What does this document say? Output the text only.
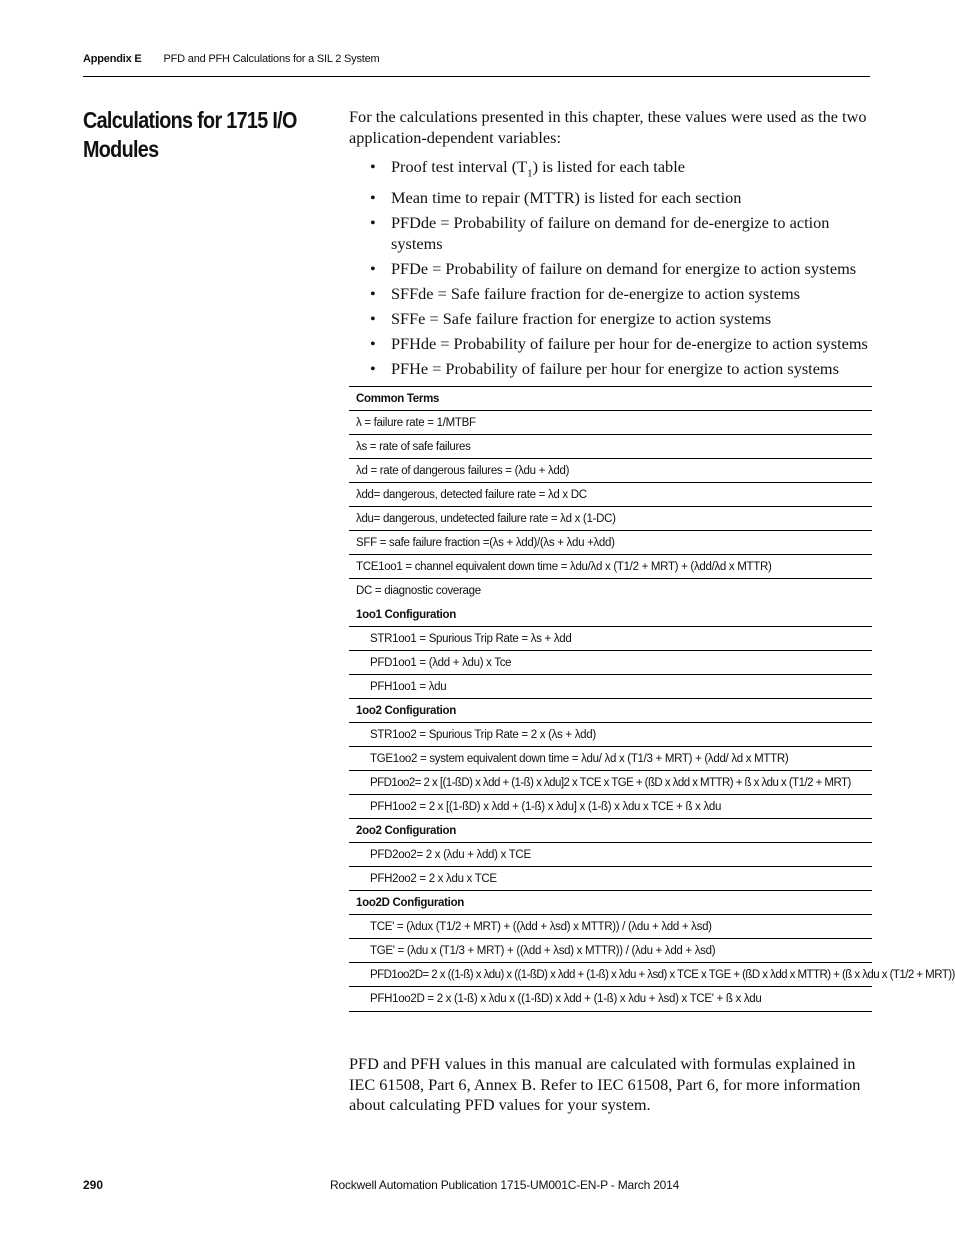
Appendix E PFD and PFH Calculations for a SIL 2 System
Calculations for 1715 I/O Modules

For the calculations presented in this chapter, these values were used as the two application-dependent variables:

• Proof test interval $(T_1)$ is listed for each table
• Mean time to repair (MTTR) is listed for each section
• PFDde = Probability of failure on demand for de-energize to action systems
• PFDe = Probability of failure on demand for energize to action systems
• SFFde = Safe failure fraction for de-energize to action systems
• SFFe = Safe failure fraction for energize to action systems
• PFHde = Probability of failure per hour for de-energize to action systems
• PFHe = Probability of failure per hour for energize to action systems
Common Terms
λ = failure rate = 1/MTBF
λs = rate of safe failures
λd = rate of dangerous failures = (λdu + λdd)
λdd= dangerous, detected failure rate = λd x DC
λdu= dangerous, undetected failure rate = λd x (1-DC)
SFF = safe failure fraction =(λs + λdd)/(λs + λdu +λdd)
TCE1oo1 = channel equivalent down time = λdu/λd x (T1/2 + MRT) + (λdd/λd x MTTR)
DC = diagnostic coverage
1oo1 Configuration
STR1oo1 = Spurious Trip Rate = λs + λdd
PFD1oo1 = (λdd + λdu) x Tce
PFH1oo1 = λdu
1oo2 Configuration
STR1oo2 = Spurious Trip Rate = 2 x (λs + λdd)
TGE1oo2 = system equivalent down time = λdu/ λd x (T1/3 + MRT) + (λdd/ λd x MTTR)
PFD1oo2= 2 x [(1-ßD) x λdd + (1-ß) x λdu]2 x TCE x TGE + (ßD x λdd x MTTR) + ß x λdu x (T1/2 + MRT)
PFH1oo2 = 2 x [(1-ßD) x λdd + (1-ß) x λdu] x (1-ß) x λdu x TCE + ß x λdu
2oo2 Configuration
PFD2oo2= 2 x (λdu + λdd) x TCE
PFH2oo2 = 2 x λdu x TCE
1oo2D Configuration
TCE' = (λdux (T1/2 + MRT) + ((λdd + λsd) x MTTR)) / (λdu + λdd + λsd)
TGE' = (λdu x (T1/3 + MRT) + ((λdd + λsd) x MTTR)) / (λdu + λdd + λsd)
PFD1oo2D= 2 x ((1-ß) x λdu) x ((1-ßD) x λdd + (1-ß) x λdu + λsd) x TCE x TGE + (ßD x λdd x MTTR) + (ß x λdu x (T1/2 + MRT))
PFH1oo2D = 2 x (1-ß) x λdu x ((1-ßD) x λdd + (1-ß) x λdu + λsd) x TCE' + ß x λdu

PFD and PFH values in this manual are calculated with formulas explained in IEC 61508, Part 6, Annex B. Refer to IEC 61508, Part 6, for more information about calculating PFD values for your system.

290	Rockwell Automation Publication 1715-UM001C-EN-P - March 2014
